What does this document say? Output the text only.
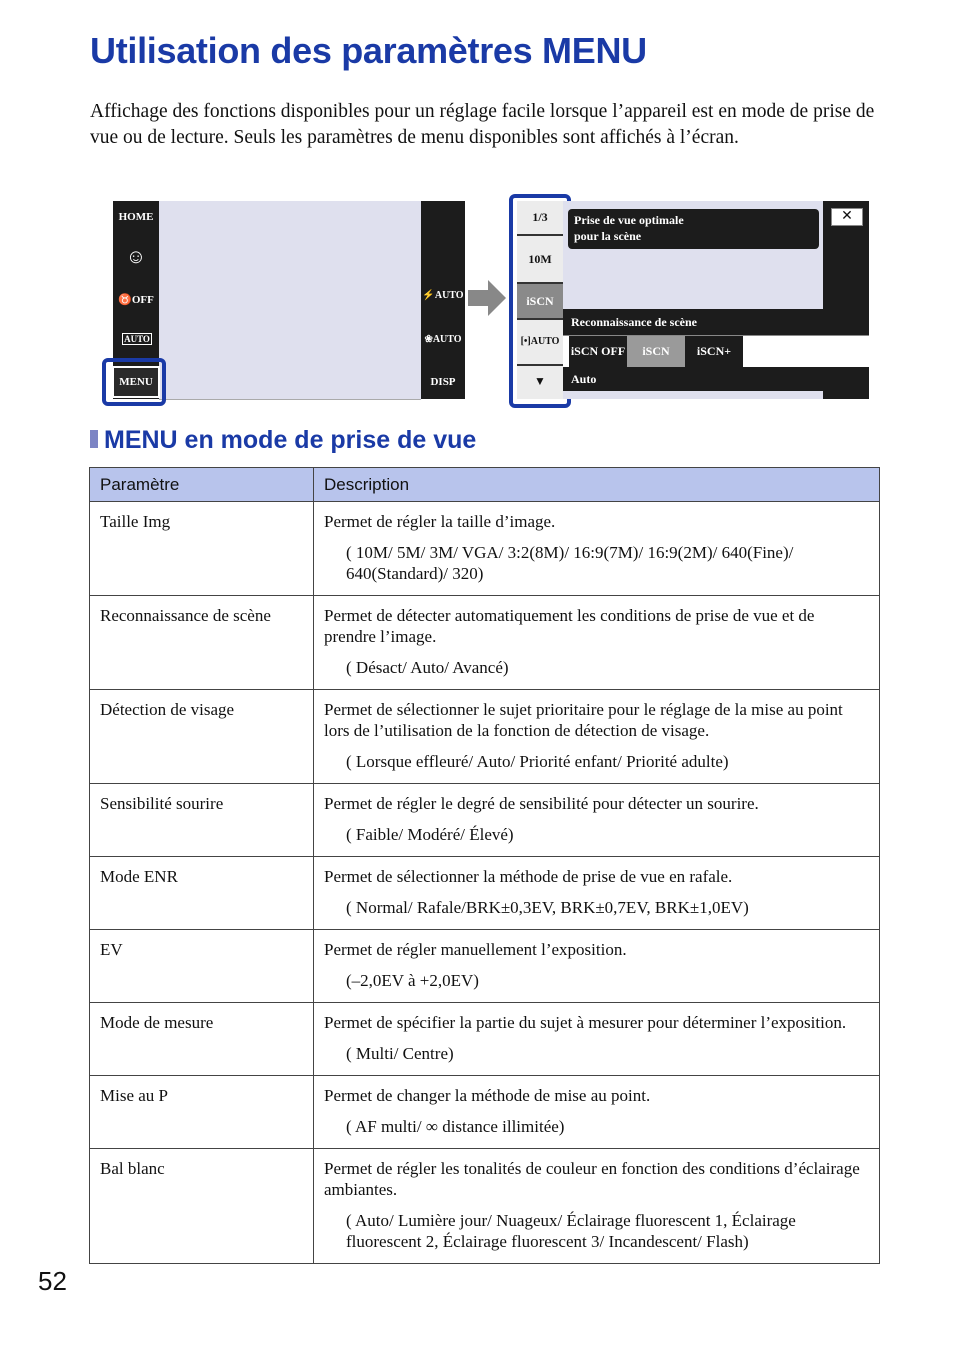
Utilisation des paramètres MENU

Affichage des fonctions disponibles pour un réglage facile lorsque l’appareil est en mode de prise de vue ou de lecture. Seuls les paramètres de menu disponibles sont affichés à l’écran.

HOME
☺
♉OFF
AUTO
MENU
⚡AUTO
❀AUTO
DISP
1/3
10M
iSCN
[•]AUTO
▼
Prise de vue optimale
pour la scène
✕
Reconnaissance de scène
iSCN OFF	iSCN	iSCN+
Auto
MENU en mode de prise de vue
Paramètre	Description
Taille Img	Permet de régler la taille d’image.

( 10M/ 5M/ 3M/ VGA/ 3:2(8M)/ 16:9(7M)/ 16:9(2M)/ 640(Fine)/ 640(Standard)/ 320)

Reconnaissance de scène	Permet de détecter automatiquement les conditions de prise de vue et de prendre l’image.

( Désact/ Auto/ Avancé)

Détection de visage	Permet de sélectionner le sujet prioritaire pour le réglage de la mise au point lors de l’utilisation de la fonction de détection de visage.

( Lorsque effleuré/ Auto/ Priorité enfant/ Priorité adulte)

Sensibilité sourire	Permet de régler le degré de sensibilité pour détecter un sourire.

( Faible/ Modéré/ Élevé)

Mode ENR	Permet de sélectionner la méthode de prise de vue en rafale.

( Normal/ Rafale/BRK±0,3EV, BRK±0,7EV, BRK±1,0EV)

EV	Permet de régler manuellement l’exposition.

(–2,0EV à +2,0EV)

Mode de mesure	Permet de spécifier la partie du sujet à mesurer pour déterminer l’exposition.

( Multi/ Centre)

Mise au P	Permet de changer la méthode de mise au point.

( AF multi/ ∞ distance illimitée)

Bal blanc	Permet de régler les tonalités de couleur en fonction des conditions d’éclairage ambiantes.

( Auto/ Lumière jour/ Nuageux/ Éclairage fluorescent 1, Éclairage fluorescent 2, Éclairage fluorescent 3/ Incandescent/ Flash)

52
